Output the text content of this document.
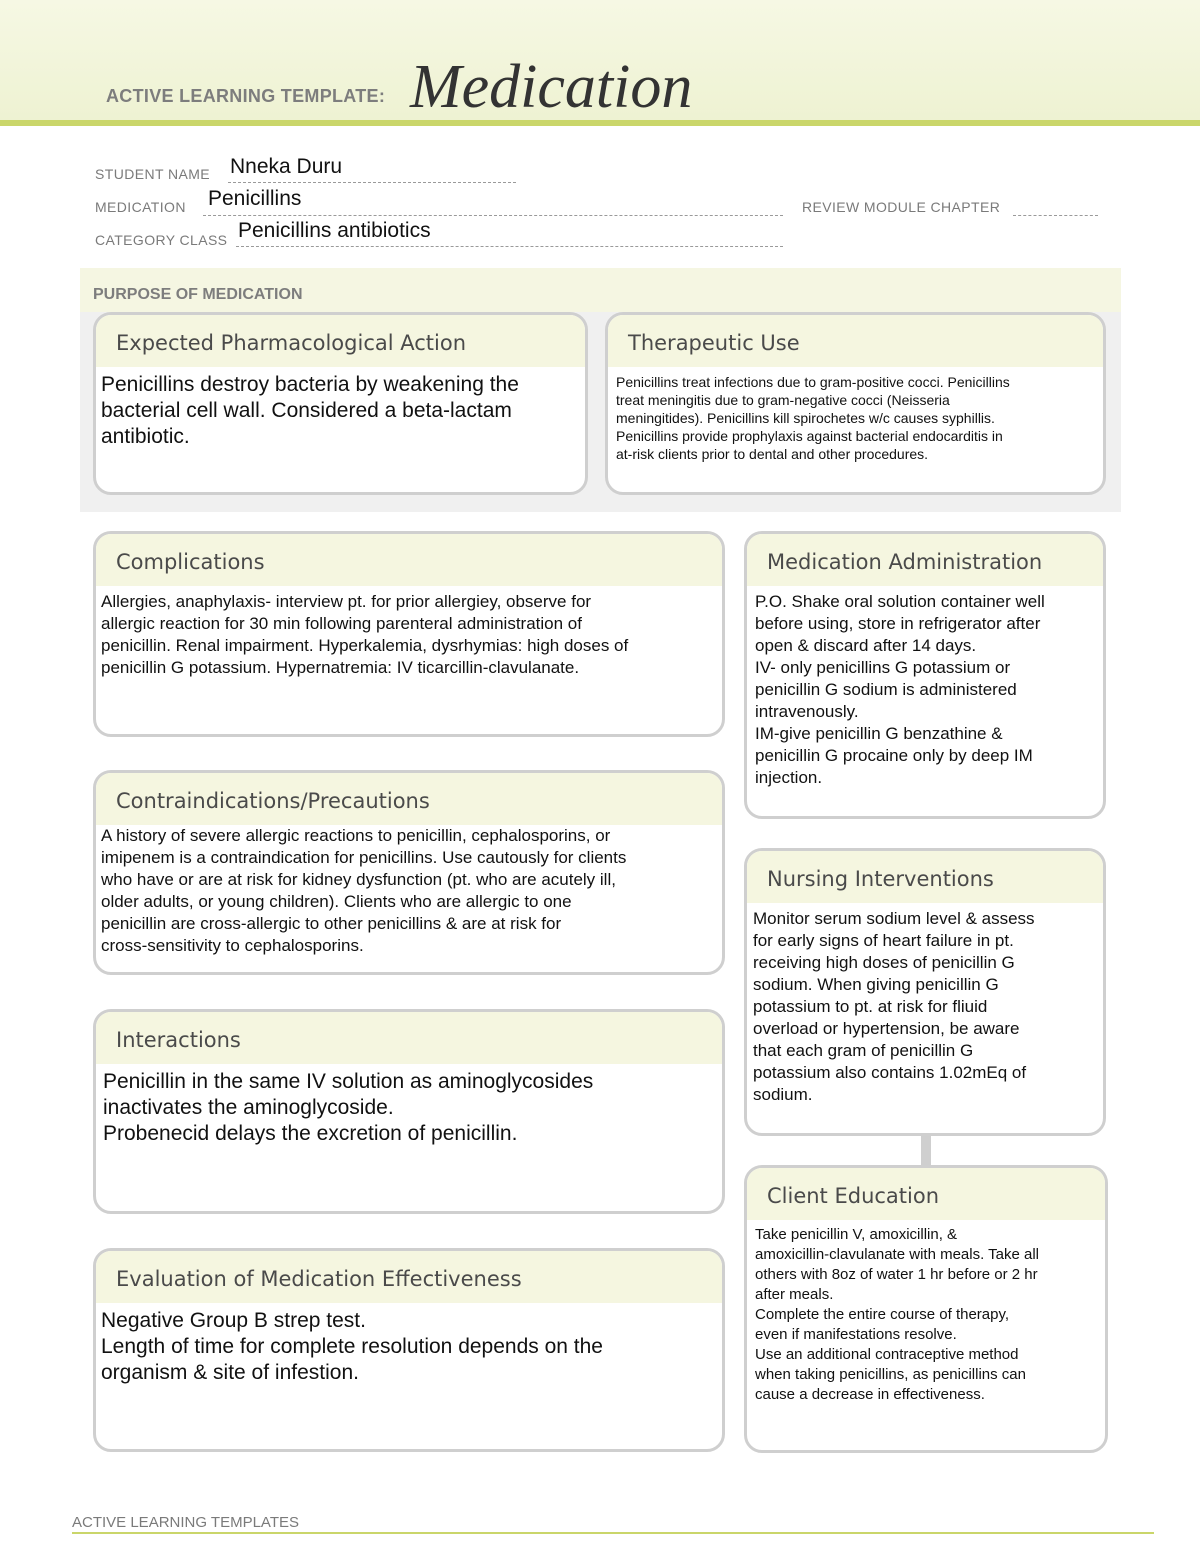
ACTIVE LEARNING TEMPLATE: Medication
STUDENT NAME Nneka Duru
MEDICATION Penicillins	REVIEW MODULE CHAPTER
CATEGORY CLASS Penicillins antibiotics
PURPOSE OF MEDICATION
Expected Pharmacological Action
Penicillins destroy bacteria by weakening the
bacterial cell wall. Considered a beta-lactam
antibiotic.
Therapeutic Use
Penicillins treat infections due to gram-positive cocci. Penicillins
treat meningitis due to gram-negative cocci (Neisseria
meningitides). Penicillins kill spirochetes w/c causes syphillis.
Penicillins provide prophylaxis against bacterial endocarditis in
at-risk clients prior to dental and other procedures.
Complications
Allergies, anaphylaxis- interview pt. for prior allergiey, observe for
allergic reaction for 30 min following parenteral administration of
penicillin. Renal impairment. Hyperkalemia, dysrhymias: high doses of
penicillin G potassium. Hypernatremia: IV ticarcillin-clavulanate.
Contraindications/Precautions
A history of severe allergic reactions to penicillin, cephalosporins, or
imipenem is a contraindication for penicillins. Use cautously for clients
who have or are at risk for kidney dysfunction (pt. who are acutely ill,
older adults, or young children). Clients who are allergic to one
penicillin are cross-allergic to other penicillins & are at risk for
cross-sensitivity to cephalosporins.
Interactions
Penicillin in the same IV solution as aminoglycosides
inactivates the aminoglycoside.
Probenecid delays the excretion of penicillin.
Evaluation of Medication Effectiveness
Negative Group B strep test.
Length of time for complete resolution depends on the
organism & site of infestion.
Medication Administration
P.O. Shake oral solution container well
before using, store in refrigerator after
open & discard after 14 days.
IV- only penicillins G potassium or
penicillin G sodium is administered
intravenously.
IM-give penicillin G benzathine &
penicillin G procaine only by deep IM
injection.
Nursing Interventions
Monitor serum sodium level & assess
for early signs of heart failure in pt.
receiving high doses of penicillin G
sodium. When giving penicillin G
potassium to pt. at risk for fliuid
overload or hypertension, be aware
that each gram of penicillin G
potassium also contains 1.02mEq of
sodium.
Client Education
Take penicillin V, amoxicillin, &
amoxicillin-clavulanate with meals. Take all
others with 8oz of water 1 hr before or 2 hr
after meals.
Complete the entire course of therapy,
even if manifestations resolve.
Use an additional contraceptive method
when taking penicillins, as penicillins can
cause a decrease in effectiveness.
ACTIVE LEARNING TEMPLATES
